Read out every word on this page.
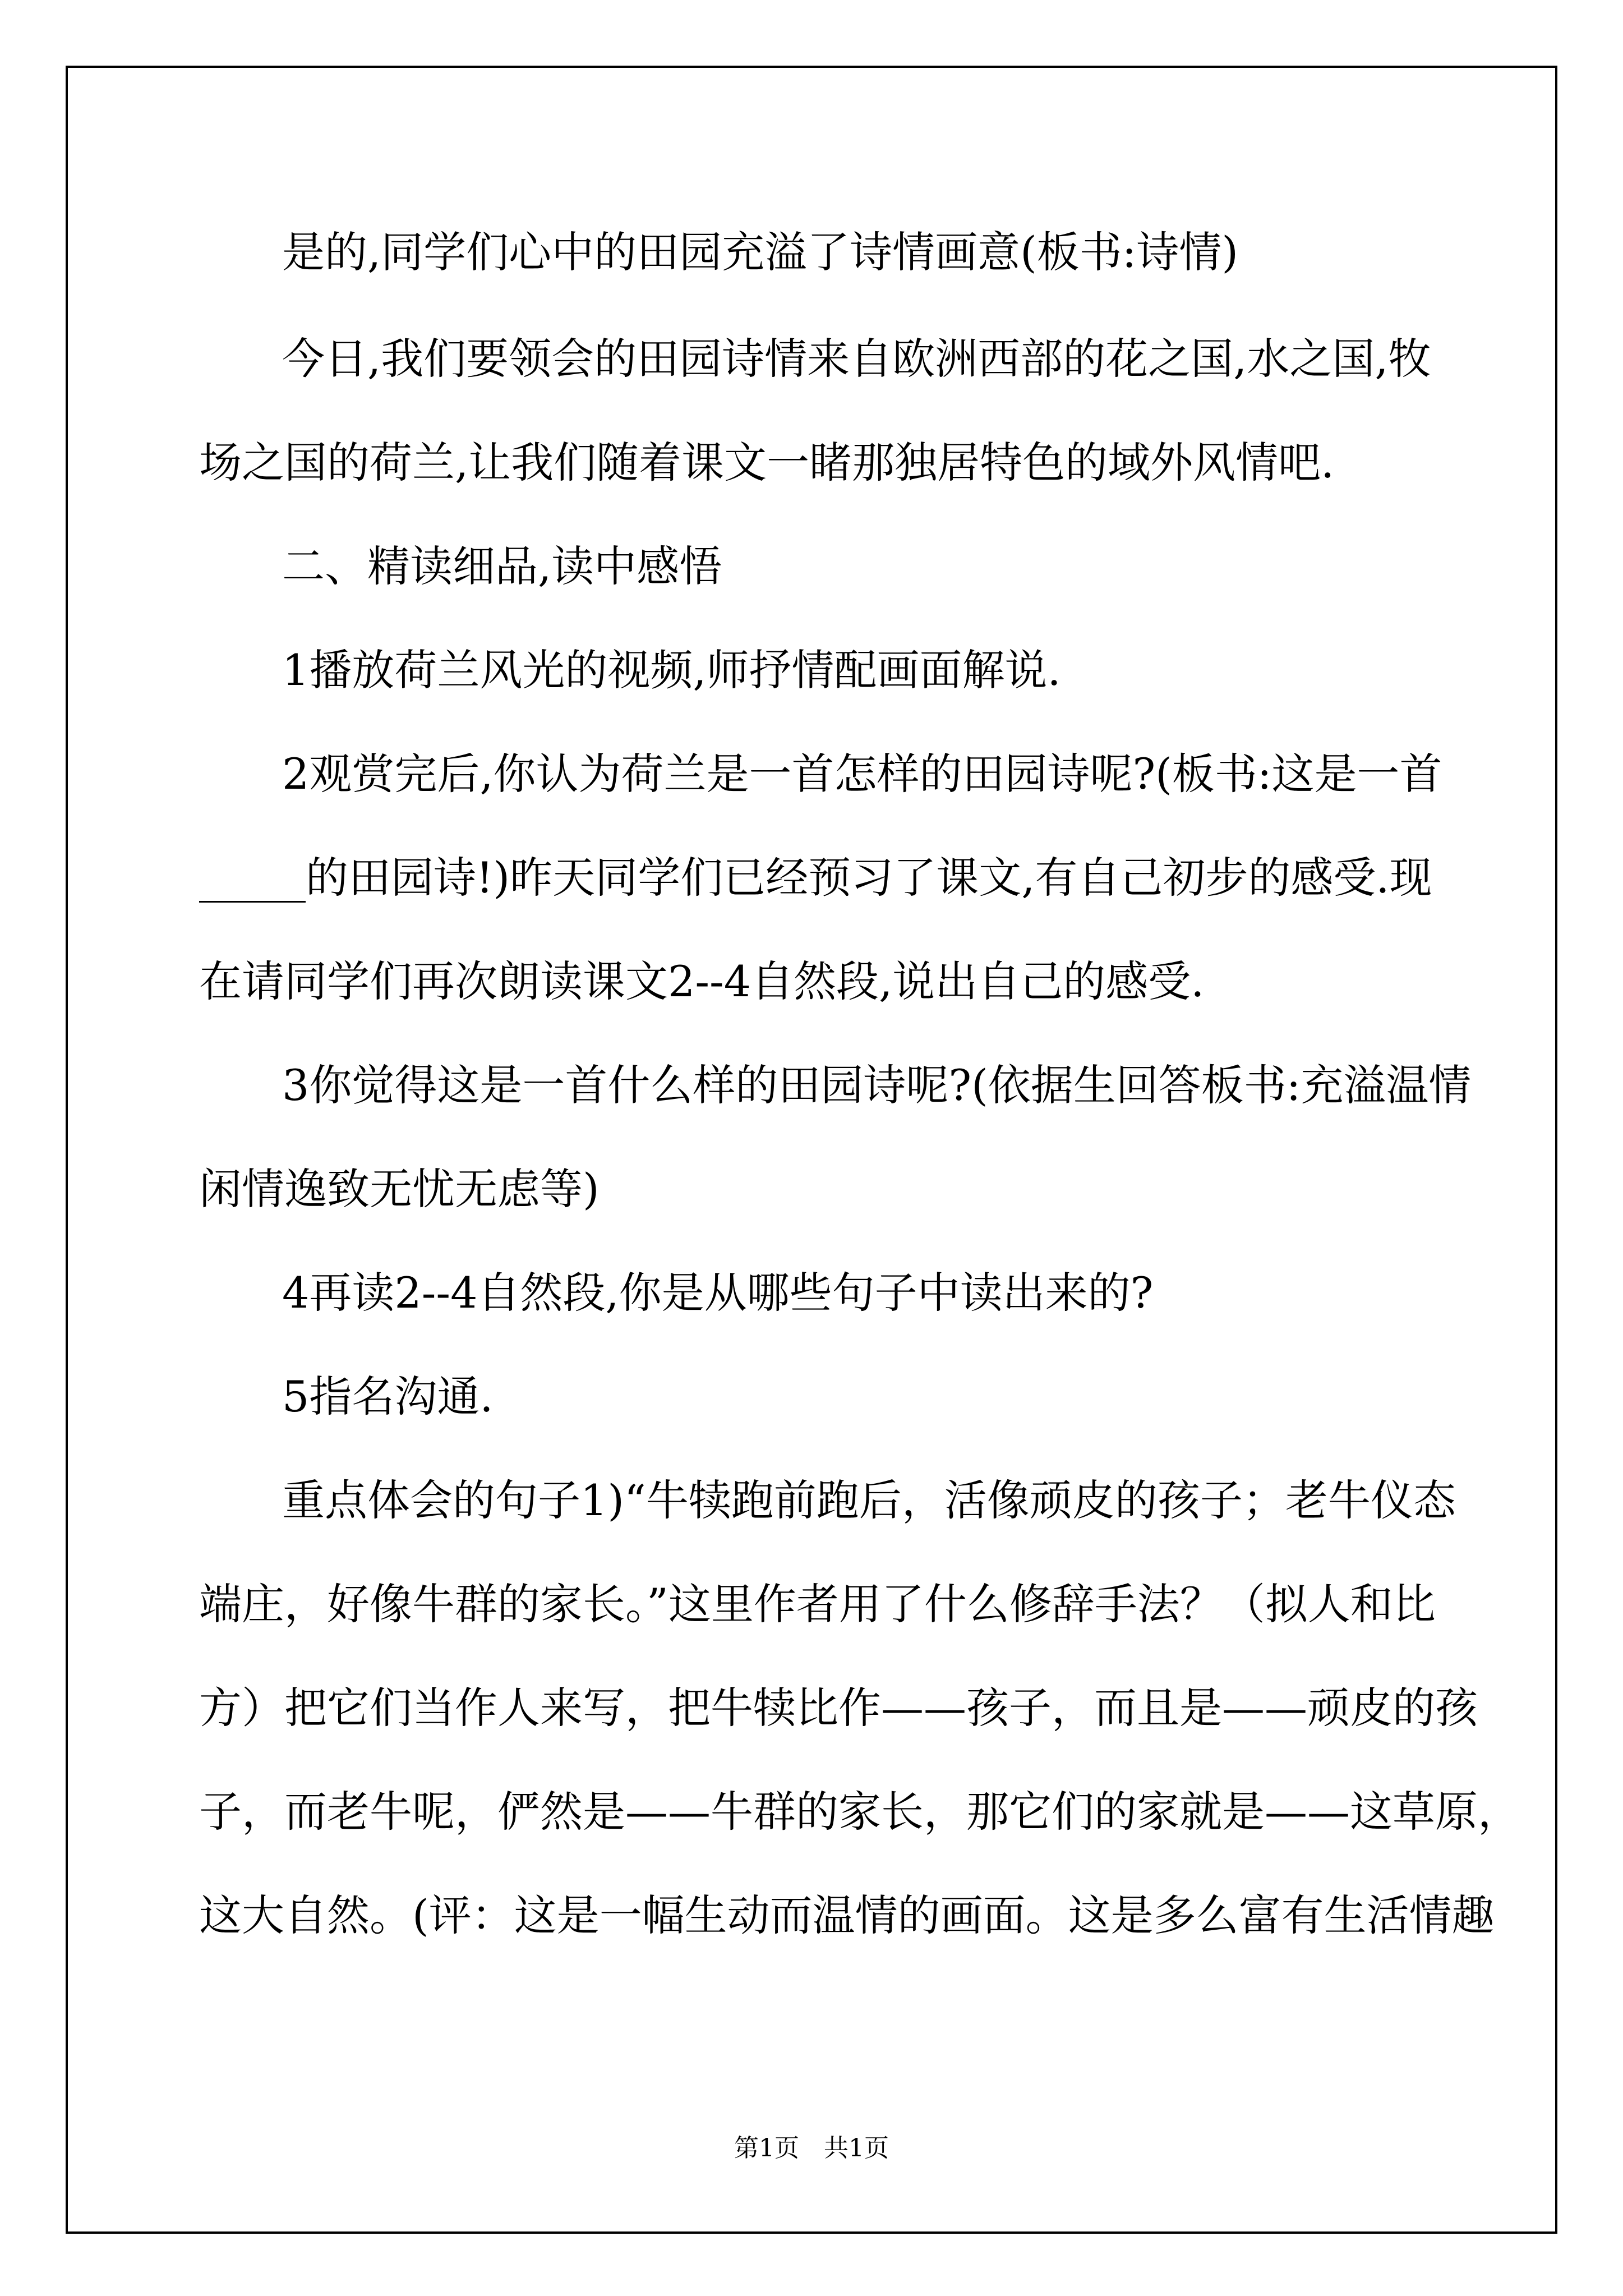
是的,同学们心中的田园充溢了诗情画意(板书:诗情)

今日,我们要领会的田园诗情来自欧洲西部的花之国,水之国,牧

场之国的荷兰,让我们随着课文一睹那独居特色的域外风情吧.

二、精读细品,读中感悟

1播放荷兰风光的视频,师抒情配画面解说.

2观赏完后,你认为荷兰是一首怎样的田园诗呢?(板书:这是一首

_____的田园诗!)昨天同学们已经预习了课文,有自己初步的感受.现

在请同学们再次朗读课文2--4自然段,说出自己的感受.

3你觉得这是一首什么样的田园诗呢?(依据生回答板书:充溢温情

闲情逸致无忧无虑等)

4再读2--4自然段,你是从哪些句子中读出来的?

5指名沟通.

重点体会的句子1)“牛犊跑前跑后，活像顽皮的孩子；老牛仪态

端庄，好像牛群的家长。”这里作者用了什么修辞手法？（拟人和比

方）把它们当作人来写，把牛犊比作——孩子，而且是——顽皮的孩

子，而老牛呢，俨然是——牛群的家长，那它们的家就是——这草原，

这大自然。(评：这是一幅生动而温情的画面。这是多么富有生活情趣

第1页　共1页
